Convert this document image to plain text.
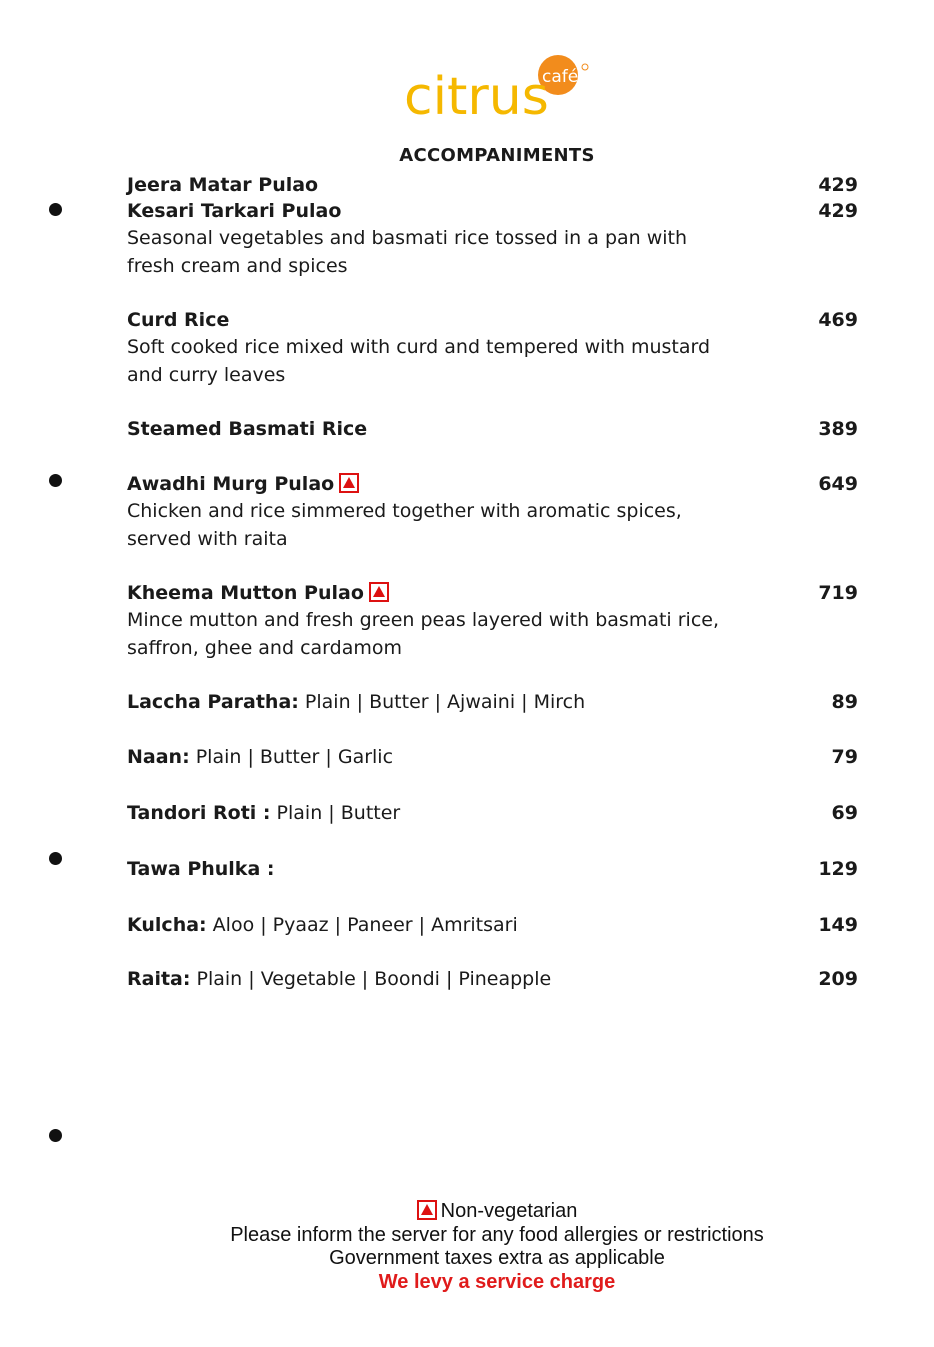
citrus
café
ACCOMPANIMENTS
Jeera Matar Pulao	429
Kesari Tarkari Pulao	429
Seasonal vegetables and basmati rice tossed in a pan with fresh cream and spices
Curd Rice	469
Soft cooked rice mixed with curd and tempered with mustard and curry leaves
Steamed Basmati Rice	389
Awadhi Murg Pulao	649
Chicken and rice simmered together with aromatic spices, served with raita
Kheema Mutton Pulao	719
Mince mutton and fresh green peas layered with basmati rice, saffron, ghee and cardamom
Laccha Paratha: Plain | Butter | Ajwaini | Mirch	89
Naan: Plain | Butter | Garlic	79
Tandori Roti : Plain | Butter	69
Tawa Phulka :	129
Kulcha: Aloo | Pyaaz | Paneer | Amritsari	149
Raita: Plain | Vegetable | Boondi | Pineapple	209
Non-vegetarian
Please inform the server for any food allergies or restrictions
Government taxes extra as applicable
We levy a service charge
